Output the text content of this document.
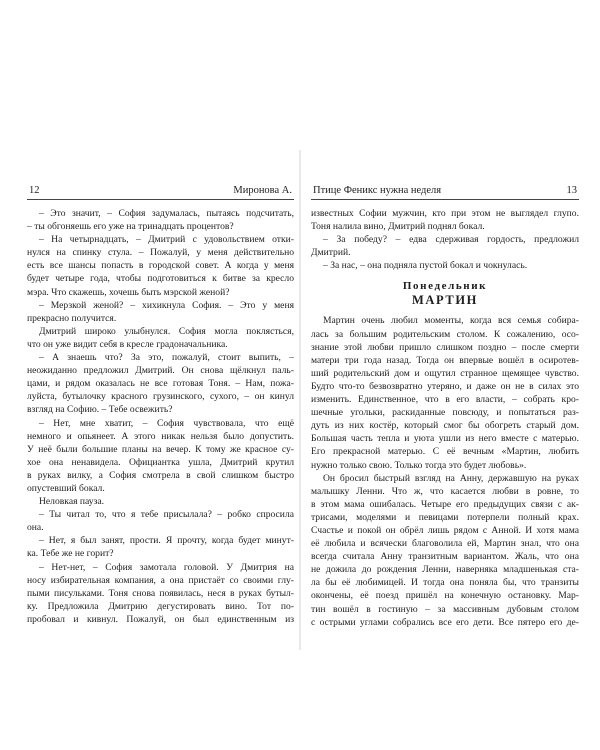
12	Миронова А.
– Это значит, – София задумалась, пытаясь подсчитать,
– ты обгоняешь его уже на тринадцать процентов?
– На четырнадцать, – Дмитрий с удовольствием отки-
нулся на спинку стула. – Пожалуй, у меня действительно
есть все шансы попасть в городской совет. А когда у меня
будет четыре года, чтобы подготовиться к битве за кресло
мэра. Что скажешь, хочешь быть мэрской женой?
– Мерзкой женой? – хихикнула София. – Это у меня
прекрасно получится.
Дмитрий широко улыбнулся. София могла поклясться,
что он уже видит себя в кресле градоначальника.
– А знаешь что? За это, пожалуй, стоит выпить, –
неожиданно предложил Дмитрий. Он снова щёлкнул паль-
цами, и рядом оказалась не все готовая Тоня. – Нам, пожа-
луйста, бутылочку красного грузинского, сухого, – он кинул
взгляд на Софию. – Тебе освежить?
– Нет, мне хватит, – София чувствовала, что ещё
немного и опьянеет. А этого никак нельзя было допустить.
У неё были большие планы на вечер. К тому же красное су-
хое она ненавидела. Официантка ушла, Дмитрий крутил
в руках вилку, а София смотрела в свой слишком быстро
опустевший бокал.
Неловкая пауза.
– Ты читал то, что я тебе присылала? – робко спросила
она.
– Нет, я был занят, прости. Я прочту, когда будет минут-
ка. Тебе же не горит?
– Нет-нет, – София замотала головой. У Дмитрия на
носу избирательная компания, а она пристаёт со своими глу-
пыми писульками. Тоня снова появилась, неся в руках бутыл-
ку. Предложила Дмитрию дегустировать вино. Тот по-
пробовал и кивнул. Пожалуй, он был единственным из
Птице Феникс нужна неделя	13
известных Софии мужчин, кто при этом не выглядел глупо.
Тоня налила вино, Дмитрий поднял бокал.
– За победу? – едва сдерживая гордость, предложил
Дмитрий.
– За нас, – она подняла пустой бокал и чокнулась.
Понедельник
МАРТИН
Мартин очень любил моменты, когда вся семья собира-
лась за большим родительским столом. К сожалению, осо-
знание этой любви пришло слишком поздно – после смерти
матери три года назад. Тогда он впервые вошёл в осиротев-
ший родительский дом и ощутил странное щемящее чувство.
Будто что-то безвозвратно утеряно, и даже он не в силах это
изменить. Единственное, что в его власти, – собрать кро-
шечные угольки, раскиданные повсюду, и попытаться раз-
дуть из них костёр, который смог бы обогреть старый дом.
Большая часть тепла и уюта ушли из него вместе с матерью.
Его прекрасной матерью. С её вечным «Мартин, любить
нужно только свою. Только тогда это будет любовь».
Он бросил быстрый взгляд на Анну, державшую на руках
малышку Ленни. Что ж, что касается любви в ровне, то
в этом мама ошибалась. Четыре его предыдущих связи с ак-
трисами, моделями и певицами потерпели полный крах.
Счастье и покой он обрёл лишь рядом с Анной. И хотя мама
её любила и всячески благоволила ей, Мартин знал, что она
всегда считала Анну транзитным вариантом. Жаль, что она
не дожила до рождения Ленни, наверняка младшенькая ста-
ла бы её любимицей. И тогда она поняла бы, что транзиты
окончены, её поезд пришёл на конечную остановку. Мар-
тин вошёл в гостиную – за массивным дубовым столом
с острыми углами собрались все его дети. Все пятеро его де-
